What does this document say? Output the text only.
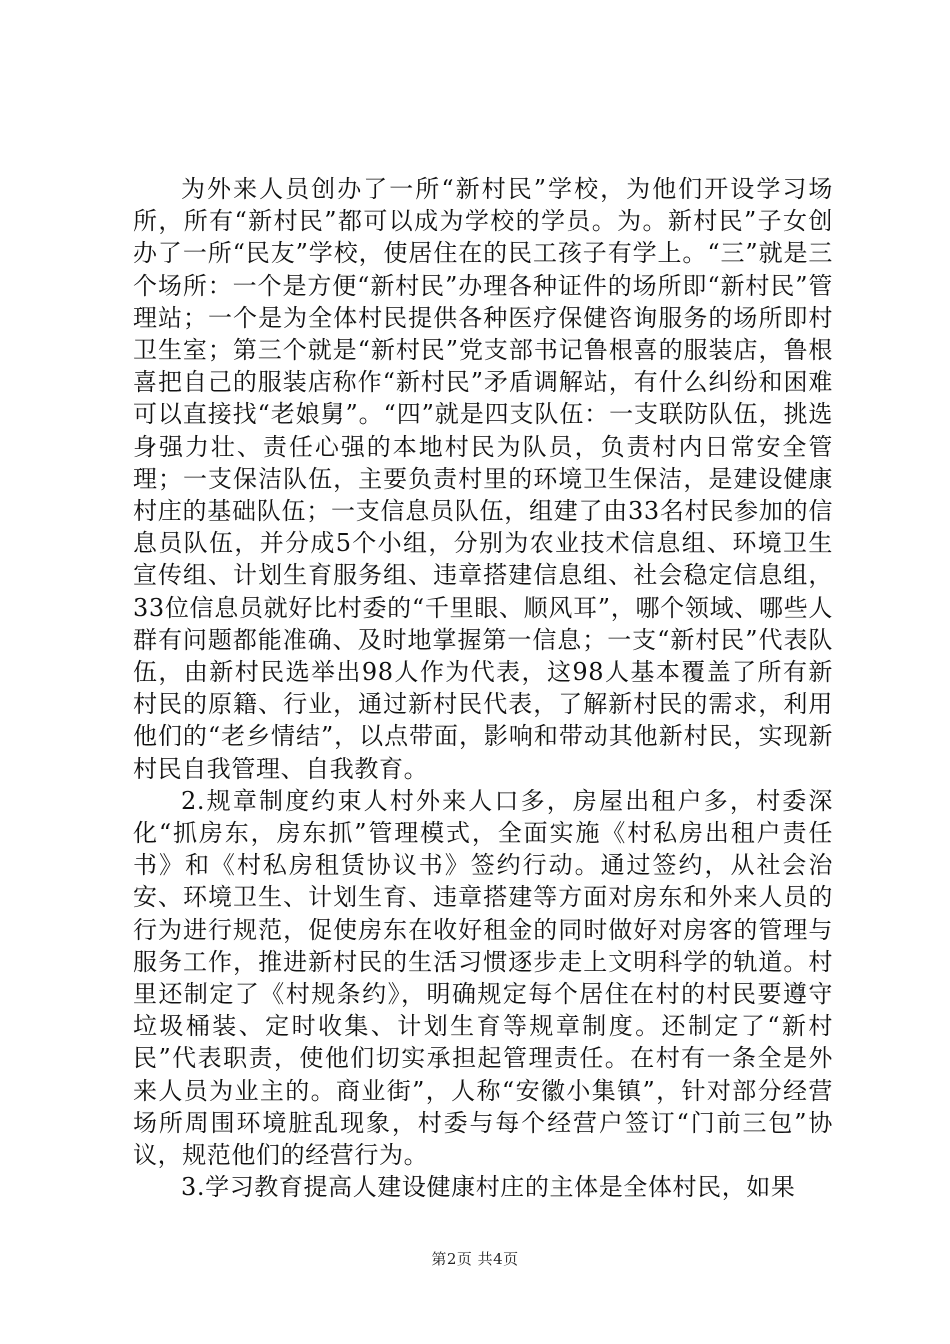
为外来人员创办了一所“新村民”学校，为他们开设学习场所，所有“新村民”都可以成为学校的学员。为。新村民”子女创办了一所“民友”学校，使居住在的民工孩子有学上。“三”就是三个场所：一个是方便“新村民”办理各种证件的场所即“新村民”管理站；一个是为全体村民提供各种医疗保健咨询服务的场所即村卫生室；第三个就是“新村民”党支部书记鲁根喜的服装店，鲁根喜把自己的服装店称作“新村民”矛盾调解站，有什么纠纷和困难可以直接找“老娘舅”。“四”就是四支队伍：一支联防队伍，挑选身强力壮、责任心强的本地村民为队员，负责村内日常安全管理；一支保洁队伍，主要负责村里的环境卫生保洁，是建设健康村庄的基础队伍；一支信息员队伍，组建了由33名村民参加的信息员队伍，并分成5个小组，分别为农业技术信息组、环境卫生宣传组、计划生育服务组、违章搭建信息组、社会稳定信息组，33位信息员就好比村委的“千里眼、顺风耳”，哪个领域、哪些人群有问题都能准确、及时地掌握第一信息；一支“新村民”代表队伍，由新村民选举出98人作为代表，这98人基本覆盖了所有新村民的原籍、行业，通过新村民代表，了解新村民的需求，利用他们的“老乡情结”，以点带面，影响和带动其他新村民，实现新村民自我管理、自我教育。

2.规章制度约束人村外来人口多，房屋出租户多，村委深化“抓房东，房东抓”管理模式，全面实施《村私房出租户责任书》和《村私房租赁协议书》签约行动。通过签约，从社会治安、环境卫生、计划生育、违章搭建等方面对房东和外来人员的行为进行规范，促使房东在收好租金的同时做好对房客的管理与服务工作，推进新村民的生活习惯逐步走上文明科学的轨道。村里还制定了《村规条约》，明确规定每个居住在村的村民要遵守垃圾桶装、定时收集、计划生育等规章制度。还制定了“新村民”代表职责，使他们切实承担起管理责任。在村有一条全是外来人员为业主的。商业街”，人称“安徽小集镇”，针对部分经营场所周围环境脏乱现象，村委与每个经营户签订“门前三包”协议，规范他们的经营行为。

3.学习教育提高人建设健康村庄的主体是全体村民，如果

第2页 共4页
